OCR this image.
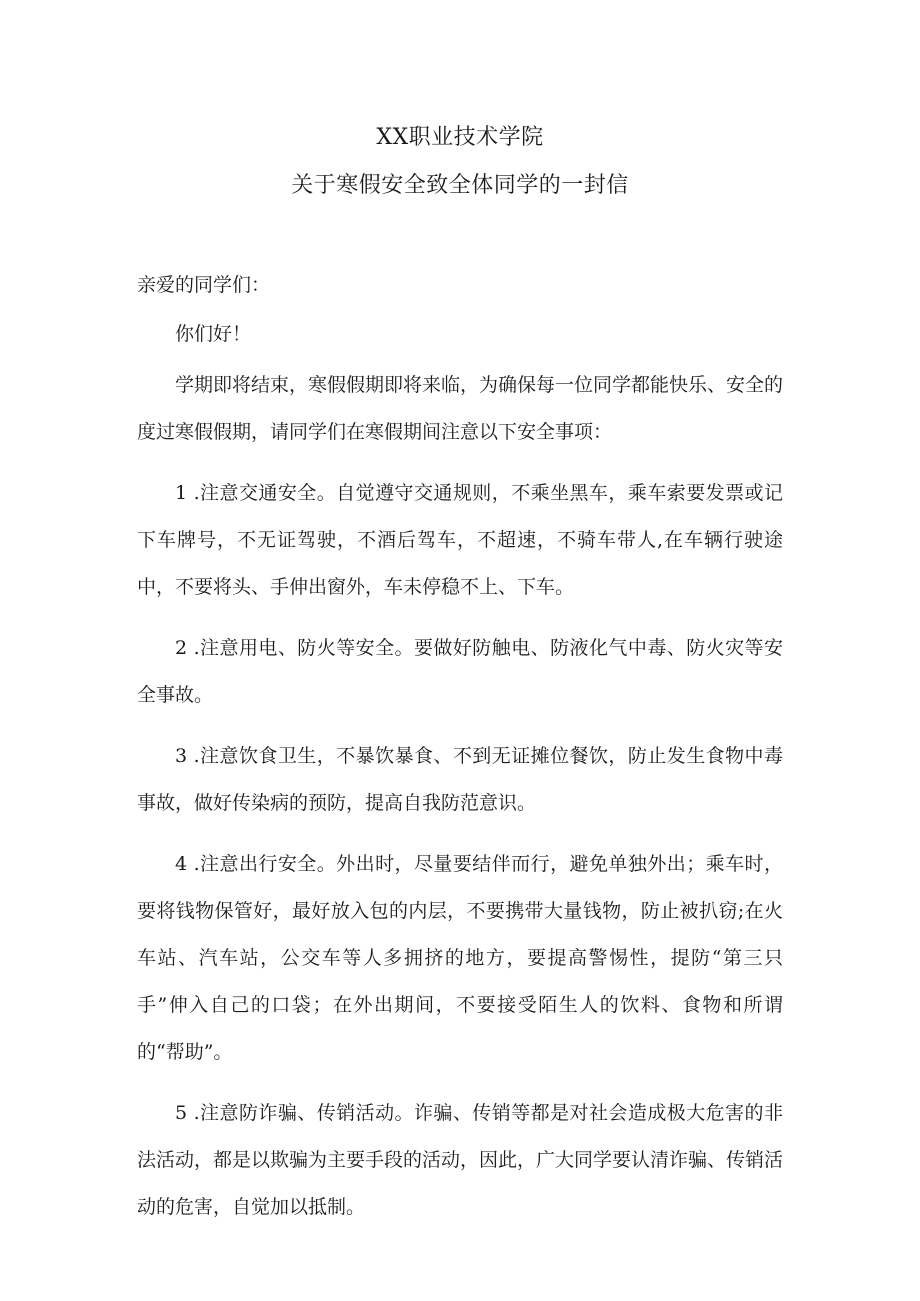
XX职业技术学院
关于寒假安全致全体同学的一封信

亲爱的同学们：

你们好！

学期即将结束，寒假假期即将来临，为确保每一位同学都能快乐、安全的度过寒假假期，请同学们在寒假期间注意以下安全事项：

1 .注意交通安全。自觉遵守交通规则，不乘坐黑车，乘车索要发票或记下车牌号，不无证驾驶，不酒后驾车，不超速，不骑车带人,在车辆行驶途中，不要将头、手伸出窗外，车未停稳不上、下车。

2 .注意用电、防火等安全。要做好防触电、防液化气中毒、防火灾等安全事故。

3 .注意饮食卫生，不暴饮暴食、不到无证摊位餐饮，防止发生食物中毒事故，做好传染病的预防，提高自我防范意识。

4 .注意出行安全。外出时，尽量要结伴而行，避免单独外出；乘车时，要将钱物保管好，最好放入包的内层，不要携带大量钱物，防止被扒窃;在火车站、汽车站，公交车等人多拥挤的地方，要提高警惕性，提防“第三只手”伸入自己的口袋；在外出期间，不要接受陌生人的饮料、食物和所谓的“帮助”。

5 .注意防诈骗、传销活动。诈骗、传销等都是对社会造成极大危害的非法活动，都是以欺骗为主要手段的活动，因此，广大同学要认清诈骗、传销活动的危害，自觉加以抵制。
